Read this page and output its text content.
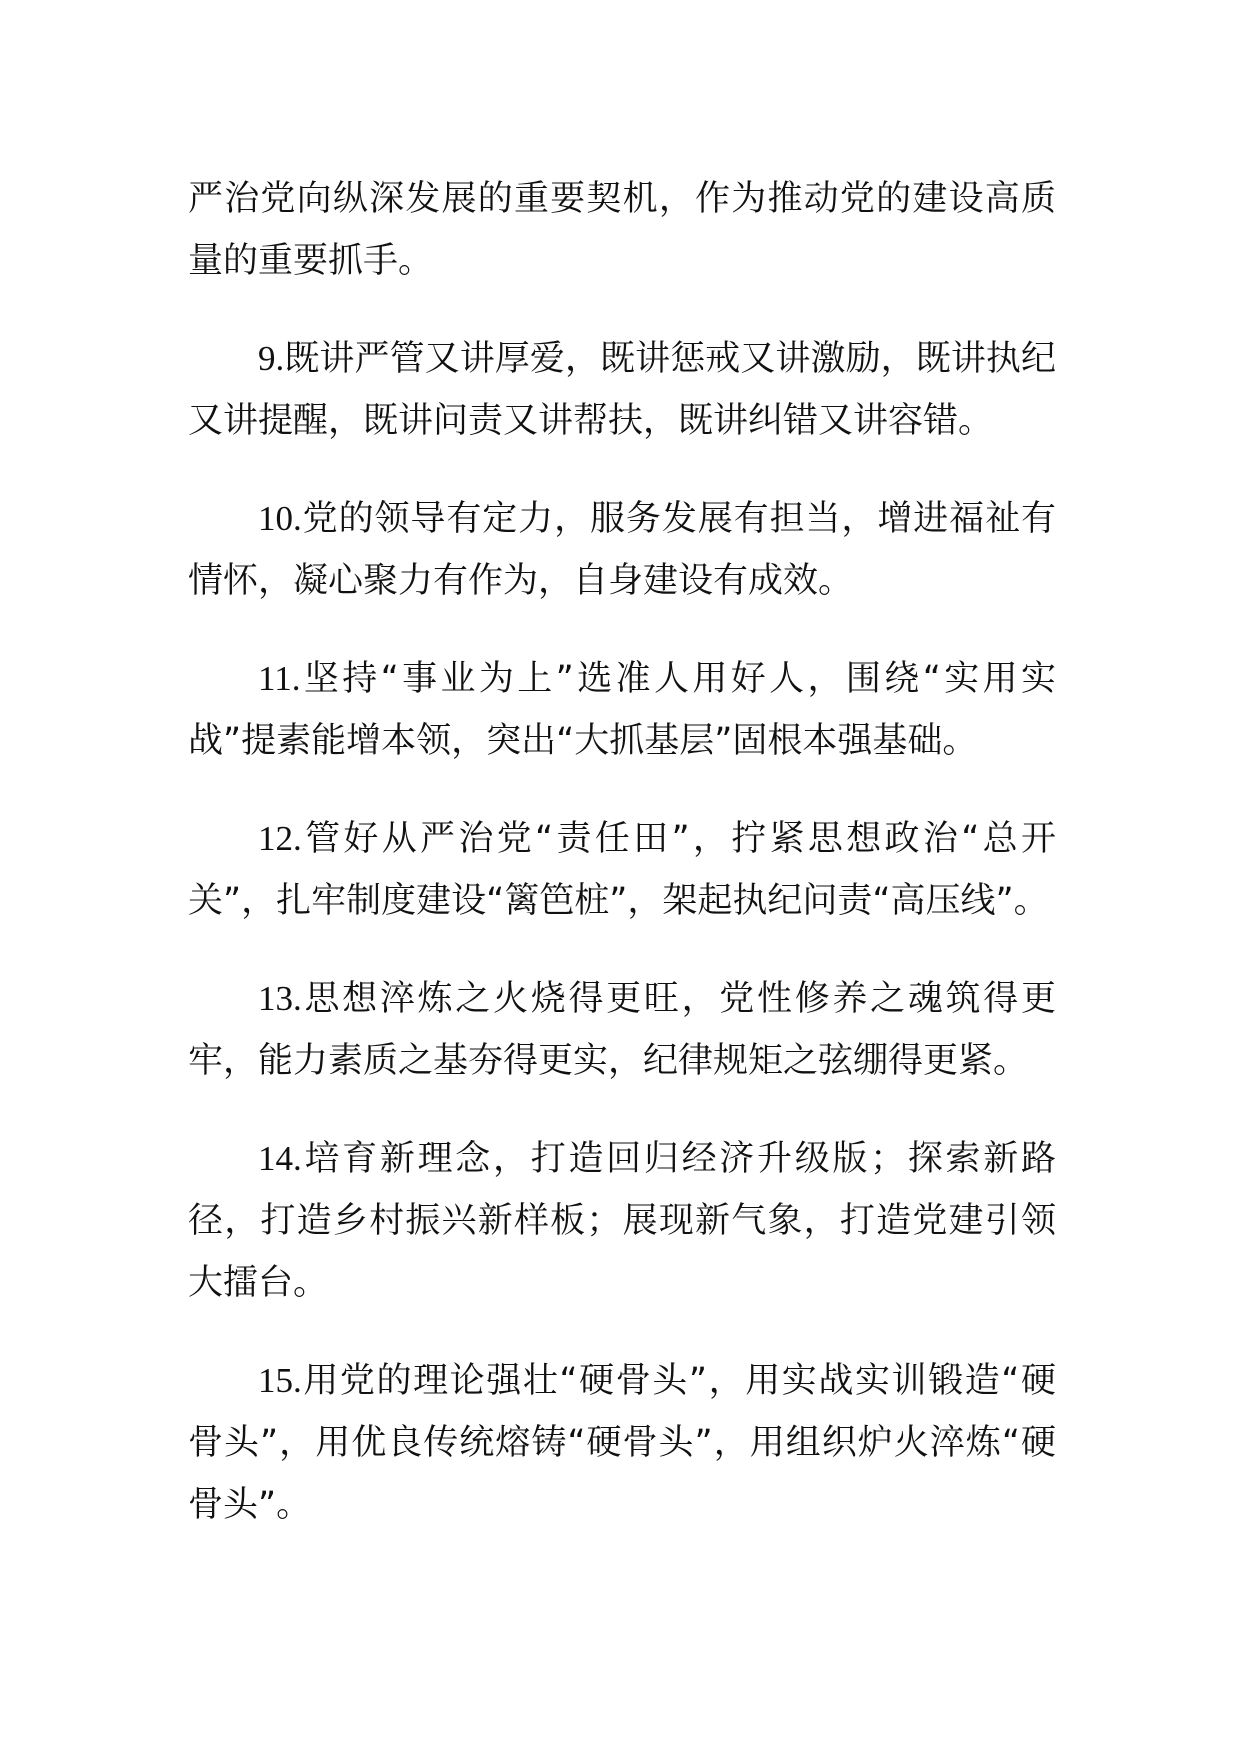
严治党向纵深发展的重要契机，作为推动党的建设高质量的重要抓手。

9.既讲严管又讲厚爱，既讲惩戒又讲激励，既讲执纪又讲提醒，既讲问责又讲帮扶，既讲纠错又讲容错。

10.党的领导有定力，服务发展有担当，增进福祉有情怀，凝心聚力有作为，自身建设有成效。

11.坚持“事业为上”选准人用好人，围绕“实用实战”提素能增本领，突出“大抓基层”固根本强基础。

12.管好从严治党“责任田”，拧紧思想政治“总开关”，扎牢制度建设“篱笆桩”，架起执纪问责“高压线”。

13.思想淬炼之火烧得更旺，党性修养之魂筑得更牢，能力素质之基夯得更实，纪律规矩之弦绷得更紧。

14.培育新理念，打造回归经济升级版；探索新路径，打造乡村振兴新样板；展现新气象，打造党建引领大擂台。

15.用党的理论强壮“硬骨头”，用实战实训锻造“硬骨头”，用优良传统熔铸“硬骨头”，用组织炉火淬炼“硬骨头”。
